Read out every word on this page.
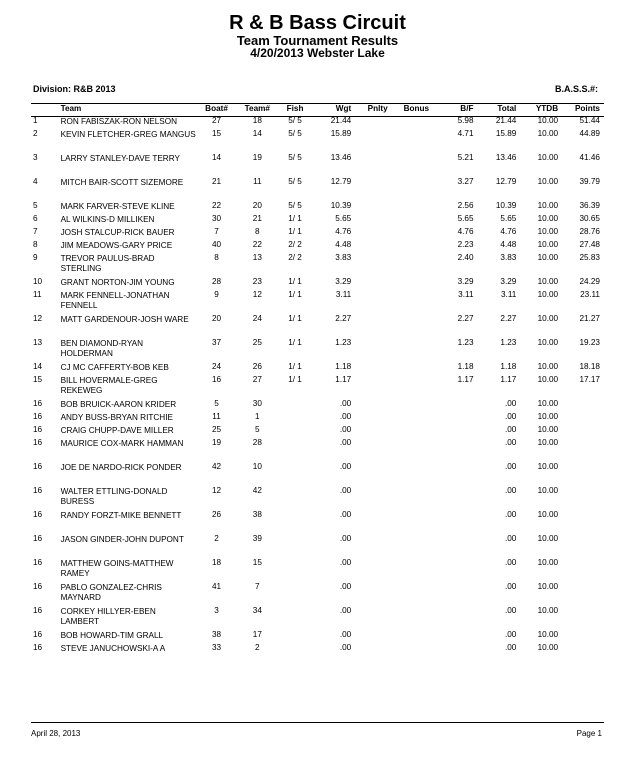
R & B Bass Circuit
Team Tournament Results
4/20/2013 Webster Lake
Division: R&B 2013	B.A.S.S.#:
	Team	Boat#	Team#	Fish	Wgt	Pnlty	Bonus	B/F	Total	YTDB	Points
1	RON FABISZAK-RON NELSON	27	18	5/ 5	21.44			5.98	21.44	10.00	51.44
2	KEVIN FLETCHER-GREG MANGUS	15	14	5/ 5	15.89			4.71	15.89	10.00	44.89
3	LARRY STANLEY-DAVE TERRY	14	19	5/ 5	13.46			5.21	13.46	10.00	41.46
4	MITCH BAIR-SCOTT SIZEMORE	21	11	5/ 5	12.79			3.27	12.79	10.00	39.79
5	MARK FARVER-STEVE KLINE	22	20	5/ 5	10.39			2.56	10.39	10.00	36.39
6	AL WILKINS-D MILLIKEN	30	21	1/ 1	5.65			5.65	5.65	10.00	30.65
7	JOSH STALCUP-RICK BAUER	7	8	1/ 1	4.76			4.76	4.76	10.00	28.76
8	JIM MEADOWS-GARY PRICE	40	22	2/ 2	4.48			2.23	4.48	10.00	27.48
9	TREVOR PAULUS-BRAD STERLING	8	13	2/ 2	3.83			2.40	3.83	10.00	25.83
10	GRANT NORTON-JIM YOUNG	28	23	1/ 1	3.29			3.29	3.29	10.00	24.29
11	MARK FENNELL-JONATHAN FENNELL	9	12	1/ 1	3.11			3.11	3.11	10.00	23.11
12	MATT GARDENOUR-JOSH WARE	20	24	1/ 1	2.27			2.27	2.27	10.00	21.27
13	BEN DIAMOND-RYAN HOLDERMAN	37	25	1/ 1	1.23			1.23	1.23	10.00	19.23
14	CJ MC CAFFERTY-BOB KEB	24	26	1/ 1	1.18			1.18	1.18	10.00	18.18
15	BILL HOVERMALE-GREG REKEWEG	16	27	1/ 1	1.17			1.17	1.17	10.00	17.17
16	BOB BRUICK-AARON KRIDER	5	30		.00				.00	10.00	
16	ANDY BUSS-BRYAN RITCHIE	11	1		.00				.00	10.00	
16	CRAIG CHUPP-DAVE MILLER	25	5		.00				.00	10.00	
16	MAURICE COX-MARK HAMMAN	19	28		.00				.00	10.00	
16	JOE DE NARDO-RICK PONDER	42	10		.00				.00	10.00	
16	WALTER ETTLING-DONALD BURESS	12	42		.00				.00	10.00	
16	RANDY FORZT-MIKE BENNETT	26	38		.00				.00	10.00	
16	JASON GINDER-JOHN DUPONT	2	39		.00				.00	10.00	
16	MATTHEW GOINS-MATTHEW RAMEY	18	15		.00				.00	10.00	
16	PABLO GONZALEZ-CHRIS MAYNARD	41	7		.00				.00	10.00	
16	CORKEY HILLYER-EBEN LAMBERT	3	34		.00				.00	10.00	
16	BOB HOWARD-TIM GRALL	38	17		.00				.00	10.00	
16	STEVE JANUCHOWSKI-A A	33	2		.00				.00	10.00	
April 28, 2013	Page 1
